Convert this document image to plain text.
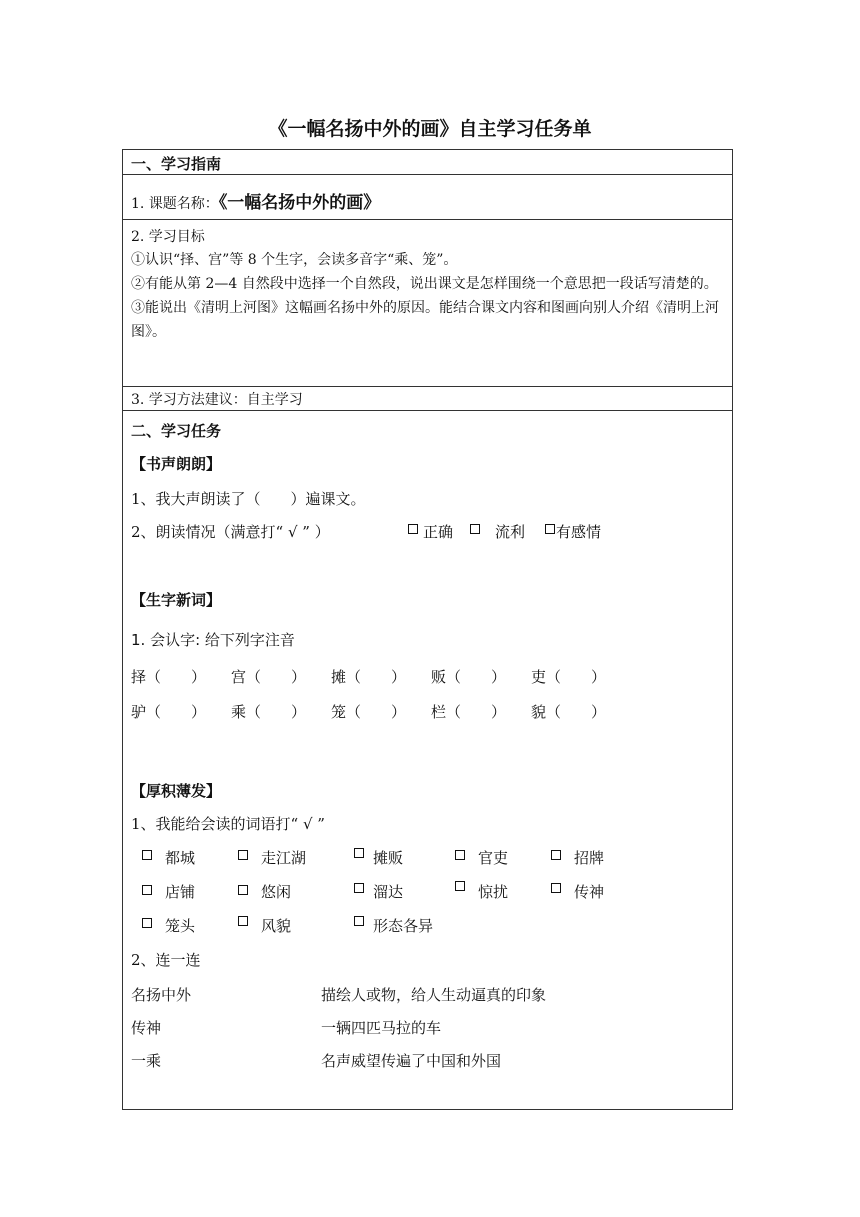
《一幅名扬中外的画》自主学习任务单
一、学习指南
1. 课题名称：《一幅名扬中外的画》
2. 学习目标
①认识“择、宫”等 8 个生字，会读多音字“乘、笼”。
②有能从第 2—4 自然段中选择一个自然段，说出课文是怎样围绕一个意思把一段话写清楚的。
③能说出《清明上河图》这幅画名扬中外的原因。能结合课文内容和图画向别人介绍《清明上河图》。
3. 学习方法建议：自主学习
二、学习任务
【书声朗朗】
1、我大声朗读了（　　）遍课文。
2、朗读情况（满意打“ √ ” ）	正确	流利 有感情
【生字新词】
1. 会认字: 给下列字注音
择（　　） 宫（　　） 摊（　　） 贩（　　） 吏（　　）
驴（　　） 乘（　　） 笼（　　） 栏（　　） 貌（　　）
【厚积薄发】
1、我能给会读的词语打“ √ ”
都城	走江湖	摊贩	官吏	招牌
店铺	悠闲	溜达	惊扰	传神
笼头	风貌	形态各异
2、连一连
名扬中外	描绘人或物，给人生动逼真的印象
传神	一辆四匹马拉的车
一乘	名声威望传遍了中国和外国
